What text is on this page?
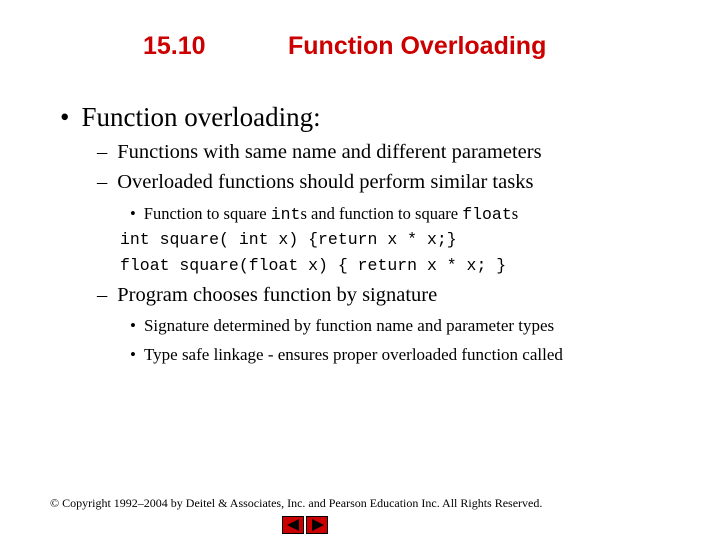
15.10	Function Overloading
• Function overloading:
– Functions with same name and different parameters
– Overloaded functions should perform similar tasks
• Function to square ints and function to square floats
int square( int x) {return x * x;}
float square(float x) { return x * x; }
– Program chooses function by signature
• Signature determined by function name and parameter types
• Type safe linkage - ensures proper overloaded function called
© Copyright 1992–2004 by Deitel & Associates, Inc. and Pearson Education Inc. All Rights Reserved.
